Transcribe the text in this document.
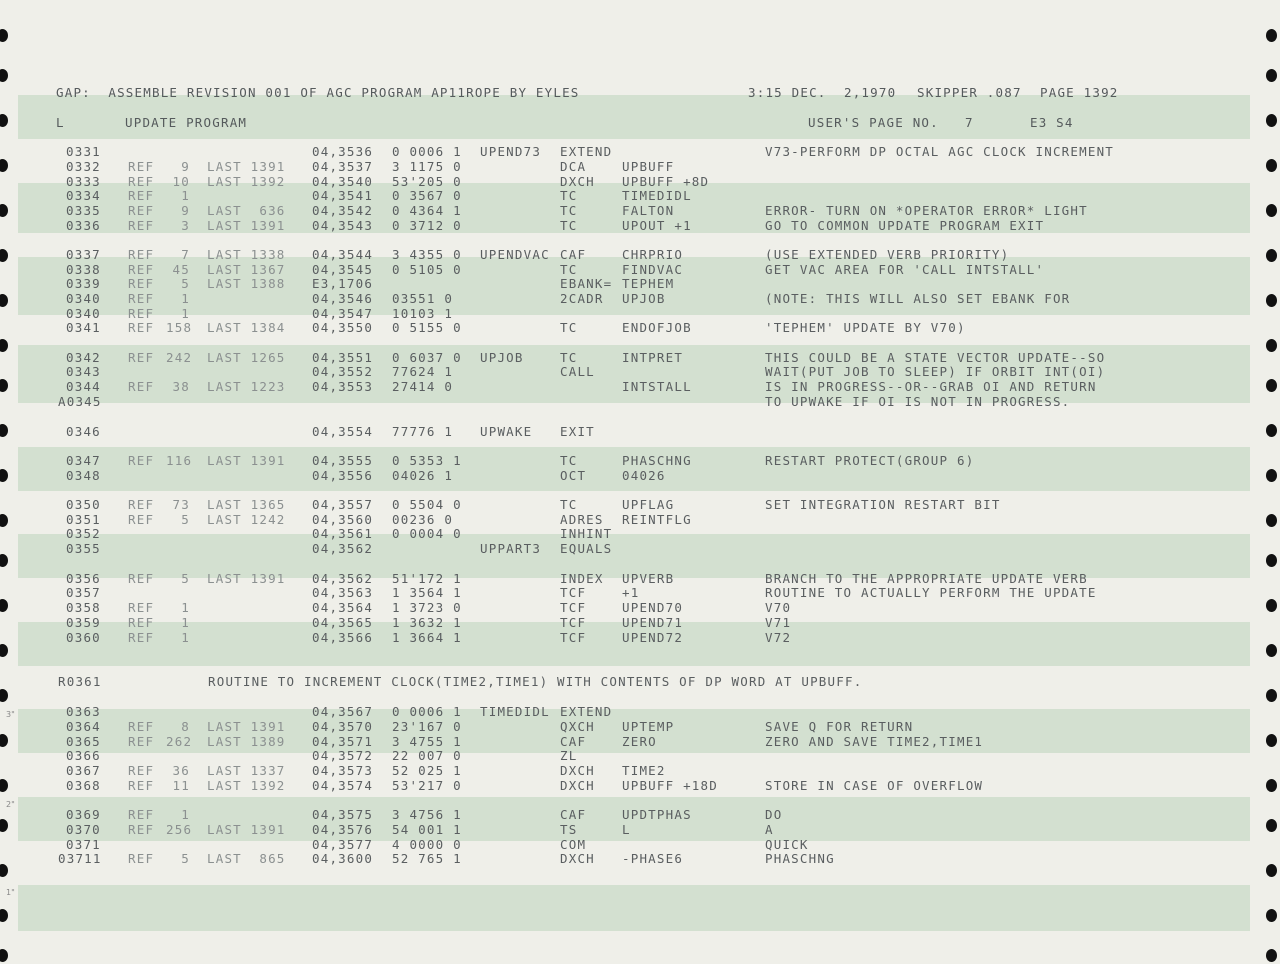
GAP:  ASSEMBLE REVISION 001 OF AGC PROGRAM AP11ROPE BY EYLES	3:15 DEC.  2,1970 SKIPPER .087 PAGE 1392
L	UPDATE PROGRAM	USER'S PAGE NO.   7	E3 S4
0331	04,3536 0 0006 1 UPEND73 EXTEND	V73-PERFORM DP OCTAL AGC CLOCK INCREMENT
0332 REF	9 LAST 1391 04,3537 3 1175 0	DCA	UPBUFF
0333 REF	10 LAST 1392 04,3540 53'205 0	DXCH UPBUFF +8D
0334 REF	1	04,3541 0 3567 0	TC	TIMEDIDL
0335 REF	9 LAST  636 04,3542 0 4364 1	TC	FALTON	ERROR- TURN ON *OPERATOR ERROR* LIGHT
0336 REF	3 LAST 1391 04,3543 0 3712 0	TC	UPOUT +1	GO TO COMMON UPDATE PROGRAM EXIT
0337 REF	7 LAST 1338 04,3544 3 4355 0 UPENDVAC CAF	CHRPRIO	(USE EXTENDED VERB PRIORITY)
0338 REF	45 LAST 1367 04,3545 0 5105 0	TC	FINDVAC	GET VAC AREA FOR 'CALL INTSTALL'
0339 REF	5 LAST 1388 E3,1706	EBANK= TEPHEM
0340 REF	1	04,3546 03551 0	2CADR UPJOB	(NOTE: THIS WILL ALSO SET EBANK FOR
0340 REF	1	04,3547 10103 1
0341 REF 158 LAST 1384 04,3550 0 5155 0	TC	ENDOFJOB	'TEPHEM' UPDATE BY V70)
0342 REF 242 LAST 1265 04,3551 0 6037 0 UPJOB	TC	INTPRET	THIS COULD BE A STATE VECTOR UPDATE--SO
0343	04,3552 77624 1	CALL	WAIT(PUT JOB TO SLEEP) IF ORBIT INT(OI)
0344 REF	38 LAST 1223 04,3553 27414 0	INTSTALL	IS IN PROGRESS--OR--GRAB OI AND RETURN
A0345	TO UPWAKE IF OI IS NOT IN PROGRESS.
0346	04,3554 77776 1 UPWAKE EXIT
0347 REF 116 LAST 1391 04,3555 0 5353 1	TC	PHASCHNG	RESTART PROTECT(GROUP 6)
0348	04,3556 04026 1	OCT	04026
0350 REF	73 LAST 1365 04,3557 0 5504 0	TC	UPFLAG	SET INTEGRATION RESTART BIT
0351 REF	5 LAST 1242 04,3560 00236 0	ADRES REINTFLG
0352	04,3561 0 0004 0	INHINT
0355	04,3562	UPPART3 EQUALS
0356 REF	5 LAST 1391 04,3562 51'172 1	INDEX UPVERB	BRANCH TO THE APPROPRIATE UPDATE VERB
0357	04,3563 1 3564 1	TCF	+1	ROUTINE TO ACTUALLY PERFORM THE UPDATE
0358 REF	1	04,3564 1 3723 0	TCF	UPEND70	V70
0359 REF	1	04,3565 1 3632 1	TCF	UPEND71	V71
0360 REF	1	04,3566 1 3664 1	TCF	UPEND72	V72
R0361	ROUTINE TO INCREMENT CLOCK(TIME2,TIME1) WITH CONTENTS OF DP WORD AT UPBUFF.
0363	04,3567 0 0006 1 TIMEDIDL EXTEND
0364 REF	8 LAST 1391 04,3570 23'167 0	QXCH UPTEMP	SAVE Q FOR RETURN
0365 REF 262 LAST 1389 04,3571 3 4755 1	CAF	ZERO	ZERO AND SAVE TIME2,TIME1
0366	04,3572 22 007 0	ZL
0367 REF	36 LAST 1337 04,3573 52 025 1	DXCH TIME2
0368 REF	11 LAST 1392 04,3574 53'217 0	DXCH UPBUFF +18D	STORE IN CASE OF OVERFLOW
0369 REF	1	04,3575 3 4756 1	CAF	UPDTPHAS	DO
0370 REF 256 LAST 1391 04,3576 54 001 1	TS	L	A
0371	04,3577 4 0000 0	COM	QUICK
03711 REF	5 LAST  865 04,3600 52 765 1	DXCH -PHASE6	PHASCHNG
3"
2"
1"
